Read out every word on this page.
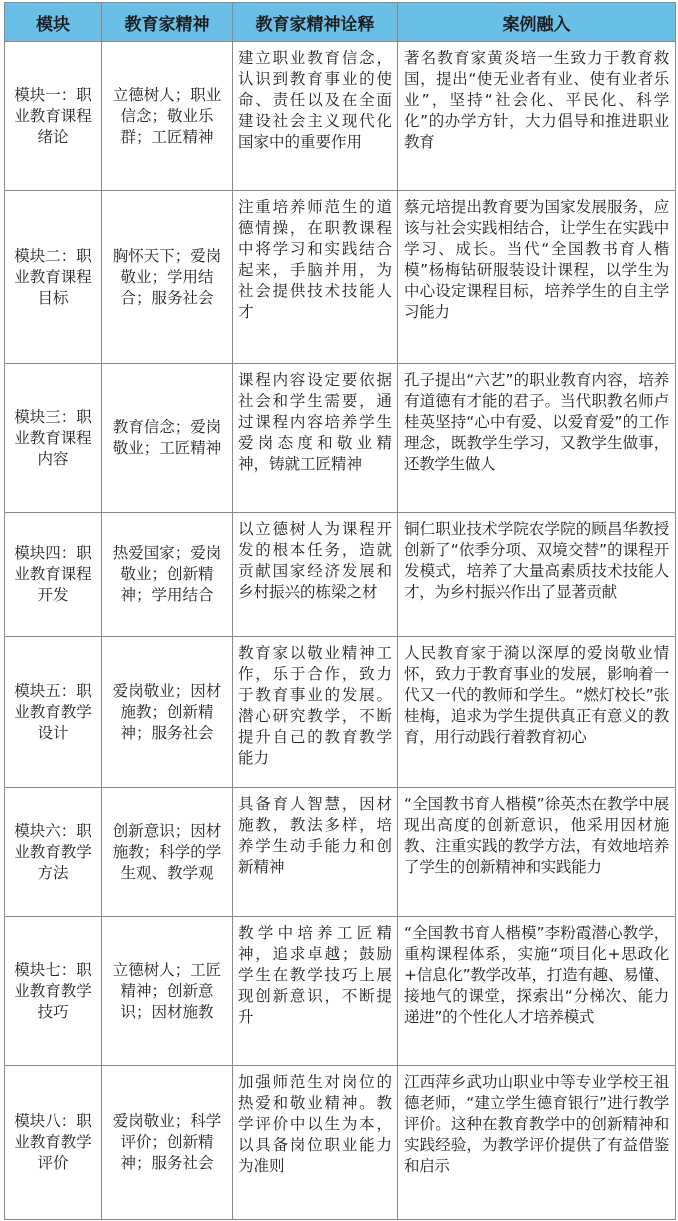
模块	教育家精神	教育家精神诠释	案例融入
模块一：职业教育课程绪论	立德树人；职业信念；敬业乐群；工匠精神	建立职业教育信念，认识到教育事业的使命、责任以及在全面建设社会主义现代化国家中的重要作用	著名教育家黄炎培一生致力于教育救国，提出“使无业者有业、使有业者乐业”，坚持“社会化、平民化、科学化”的办学方针，大力倡导和推进职业教育
模块二：职业教育课程目标	胸怀天下；爱岗敬业；学用结合；服务社会	注重培养师范生的道德情操，在职教课程中将学习和实践结合起来，手脑并用，为社会提供技术技能人才	蔡元培提出教育要为国家发展服务，应该与社会实践相结合，让学生在实践中学习、成长。当代“全国教书育人楷模”杨梅钻研服装设计课程，以学生为中心设定课程目标，培养学生的自主学习能力
模块三：职业教育课程内容	教育信念；爱岗敬业；工匠精神	课程内容设定要依据社会和学生需要，通过课程内容培养学生爱岗态度和敬业精神，铸就工匠精神	孔子提出“六艺”的职业教育内容，培养有道德有才能的君子。当代职教名师卢桂英坚持“心中有爱、以爱育爱”的工作理念，既教学生学习，又教学生做事，还教学生做人
模块四：职业教育课程开发	热爱国家；爱岗敬业；创新精神；学用结合	以立德树人为课程开发的根本任务，造就贡献国家经济发展和乡村振兴的栋梁之材	铜仁职业技术学院农学院的顾昌华教授创新了“依季分项、双境交替”的课程开发模式，培养了大量高素质技术技能人才，为乡村振兴作出了显著贡献
模块五：职业教育教学设计	爱岗敬业；因材施教；创新精神；服务社会	教育家以敬业精神工作，乐于合作，致力于教育事业的发展。潜心研究教学，不断提升自己的教育教学能力	人民教育家于漪以深厚的爱岗敬业情怀，致力于教育事业的发展，影响着一代又一代的教师和学生。“燃灯校长”张桂梅，追求为学生提供真正有意义的教育，用行动践行着教育初心
模块六：职业教育教学方法	创新意识；因材施教；科学的学生观、教学观	具备育人智慧，因材施教，教法多样，培养学生动手能力和创新精神	“全国教书育人楷模”徐英杰在教学中展现出高度的创新意识，他采用因材施教、注重实践的教学方法，有效地培养了学生的创新精神和实践能力
模块七：职业教育教学技巧	立德树人；工匠精神；创新意识；因材施教	教学中培养工匠精神，追求卓越；鼓励学生在教学技巧上展现创新意识，不断提升	“全国教书育人楷模”李粉霞潜心教学，重构课程体系，实施“项目化+思政化+信息化”教学改革，打造有趣、易懂、接地气的课堂，探索出“分梯次、能力递进”的个性化人才培养模式
模块八：职业教育教学评价	爱岗敬业；科学评价；创新精神；服务社会	加强师范生对岗位的热爱和敬业精神。教学评价中以生为本，以具备岗位职业能力为准则	江西萍乡武功山职业中等专业学校王祖德老师，“建立学生德育银行”进行教学评价。这种在教育教学中的创新精神和实践经验，为教学评价提供了有益借鉴和启示
